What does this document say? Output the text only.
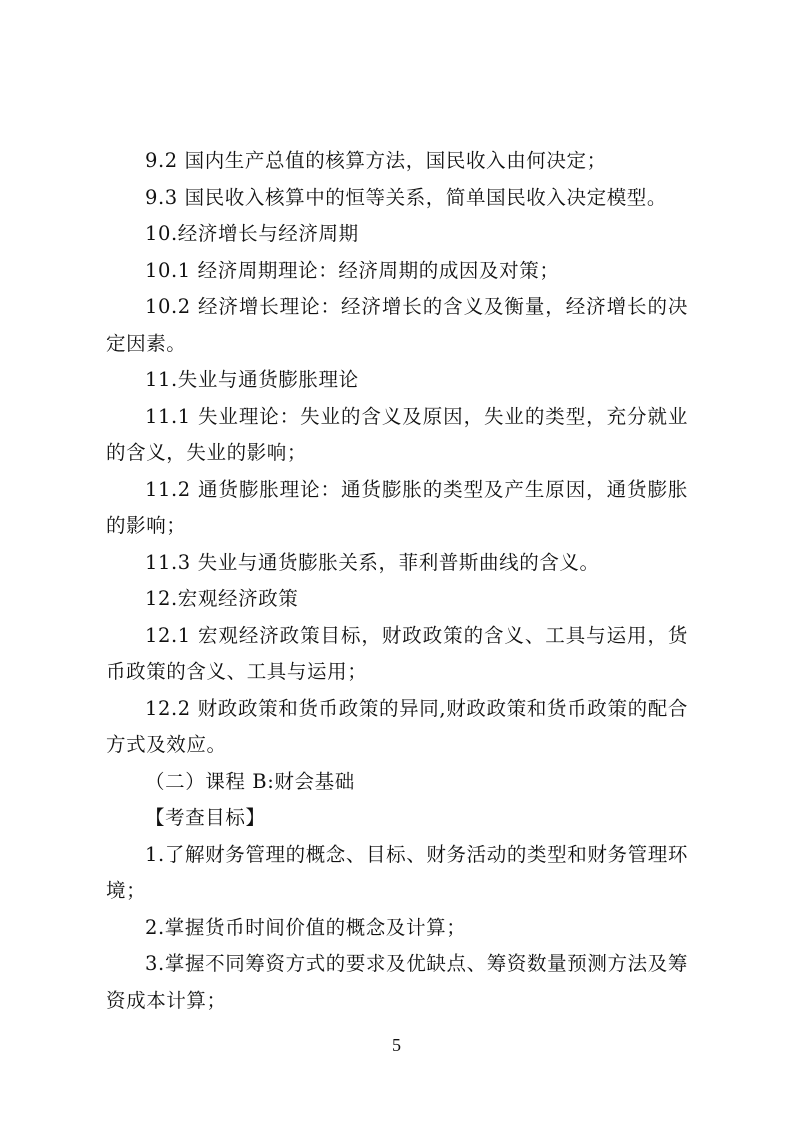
9.2 国内生产总值的核算方法，国民收入由何决定；

9.3 国民收入核算中的恒等关系，简单国民收入决定模型。

10.经济增长与经济周期

10.1 经济周期理论：经济周期的成因及对策；

10.2 经济增长理论：经济增长的含义及衡量，经济增长的决定因素。

11.失业与通货膨胀理论

11.1 失业理论：失业的含义及原因，失业的类型，充分就业的含义，失业的影响；

11.2 通货膨胀理论：通货膨胀的类型及产生原因，通货膨胀的影响；

11.3 失业与通货膨胀关系，菲利普斯曲线的含义。

12.宏观经济政策

12.1 宏观经济政策目标，财政政策的含义、工具与运用，货币政策的含义、工具与运用；

12.2 财政政策和货币政策的异同,财政政策和货币政策的配合方式及效应。

（二）课程 B:财会基础

【考查目标】

1.了解财务管理的概念、目标、财务活动的类型和财务管理环境；

2.掌握货币时间价值的概念及计算；

3.掌握不同筹资方式的要求及优缺点、筹资数量预测方法及筹资成本计算；

5
